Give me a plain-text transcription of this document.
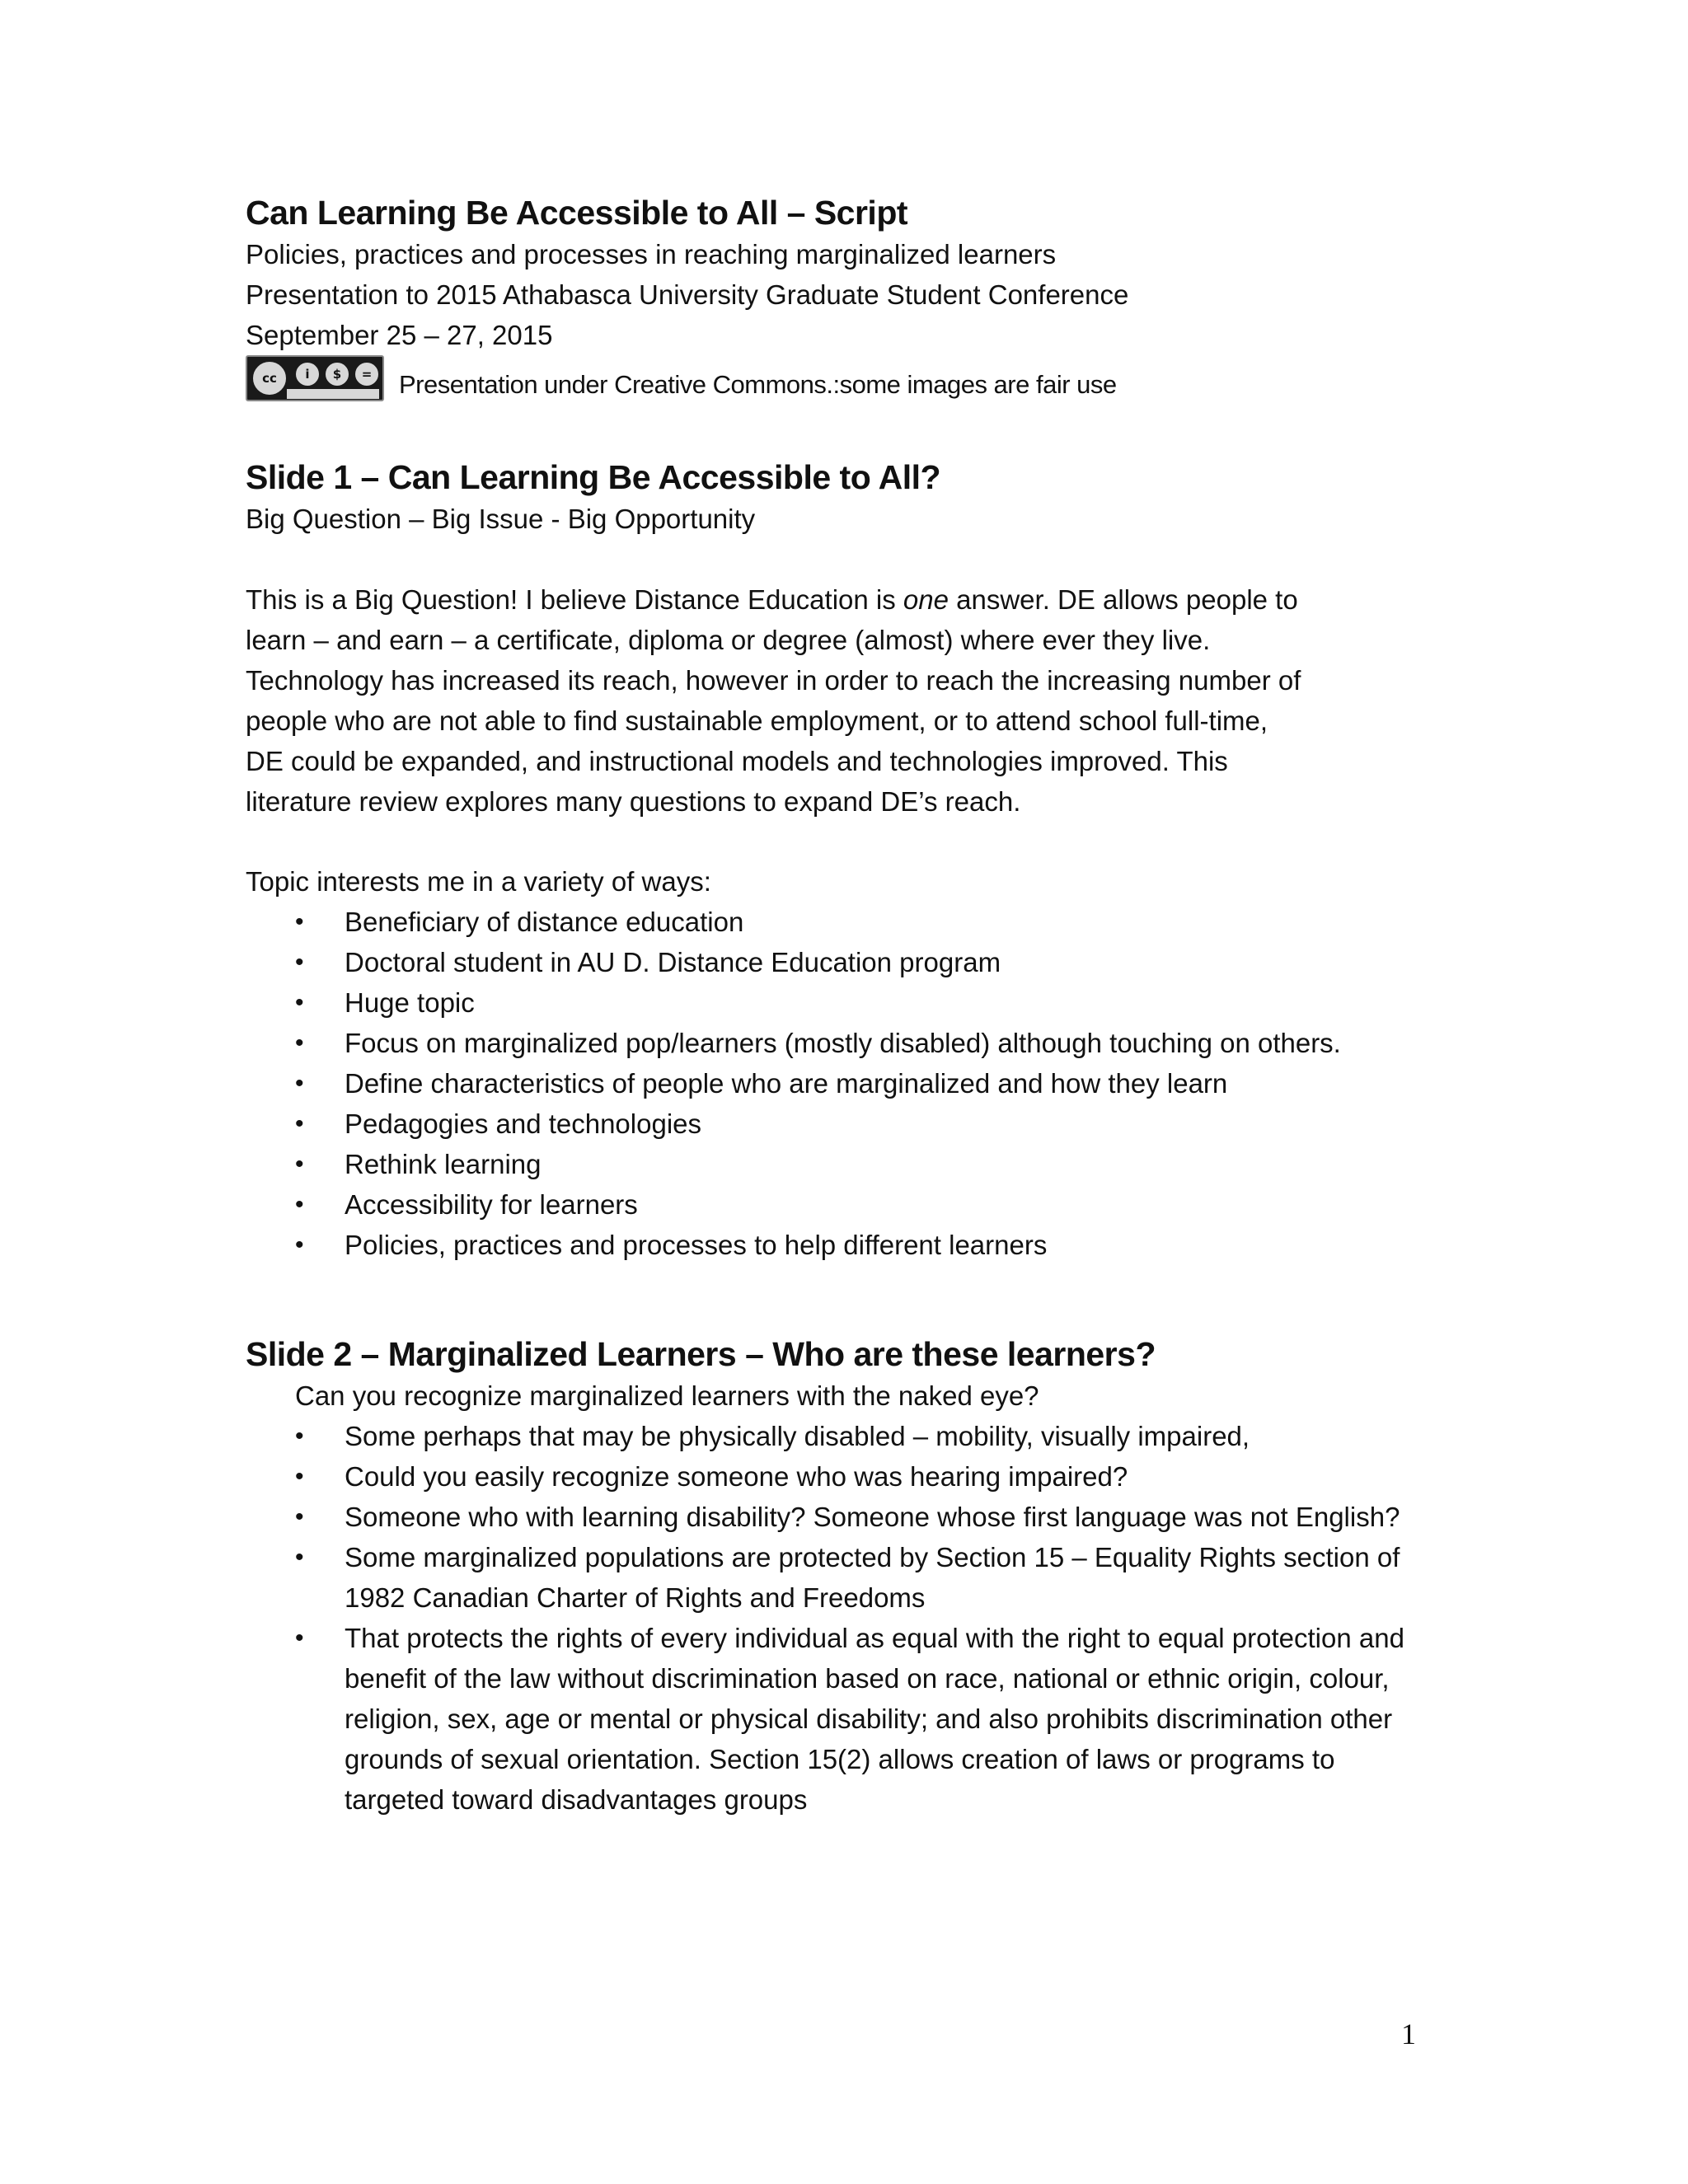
Can Learning Be Accessible to All – Script
Policies, practices and processes in reaching marginalized learners
Presentation to 2015 Athabasca University Graduate Student Conference
September 25 – 27, 2015
cc	i	$	=	Presentation under Creative Commons.:some images are fair use
Slide 1 – Can Learning Be Accessible to All?
Big Question – Big Issue - Big Opportunity
This is a Big Question! I believe Distance Education is one answer. DE allows people to
learn – and earn – a certificate, diploma or degree (almost) where ever they live.
Technology has increased its reach, however in order to reach the increasing number of
people who are not able to find sustainable employment, or to attend school full-time,
DE could be expanded, and instructional models and technologies improved. This
literature review explores many questions to expand DE’s reach.
Topic interests me in a variety of ways:
• Beneficiary of distance education
• Doctoral student in AU D. Distance Education program
• Huge topic
• Focus on marginalized pop/learners (mostly disabled) although touching on others.
• Define characteristics of people who are marginalized and how they learn
• Pedagogies and technologies
• Rethink learning
• Accessibility for learners
• Policies, practices and processes to help different learners
Slide 2 – Marginalized Learners – Who are these learners?
Can you recognize marginalized learners with the naked eye?
• Some perhaps that may be physically disabled – mobility, visually impaired,
• Could you easily recognize someone who was hearing impaired?
• Someone who with learning disability? Someone whose first language was not English?
• Some marginalized populations are protected by Section 15 – Equality Rights section of 1982 Canadian Charter of Rights and Freedoms
• That protects the rights of every individual as equal with the right to equal protection and benefit of the law without discrimination based on race, national or ethnic origin, colour, religion, sex, age or mental or physical disability; and also prohibits discrimination other grounds of sexual orientation. Section 15(2) allows creation of laws or programs to targeted toward disadvantages groups
1
